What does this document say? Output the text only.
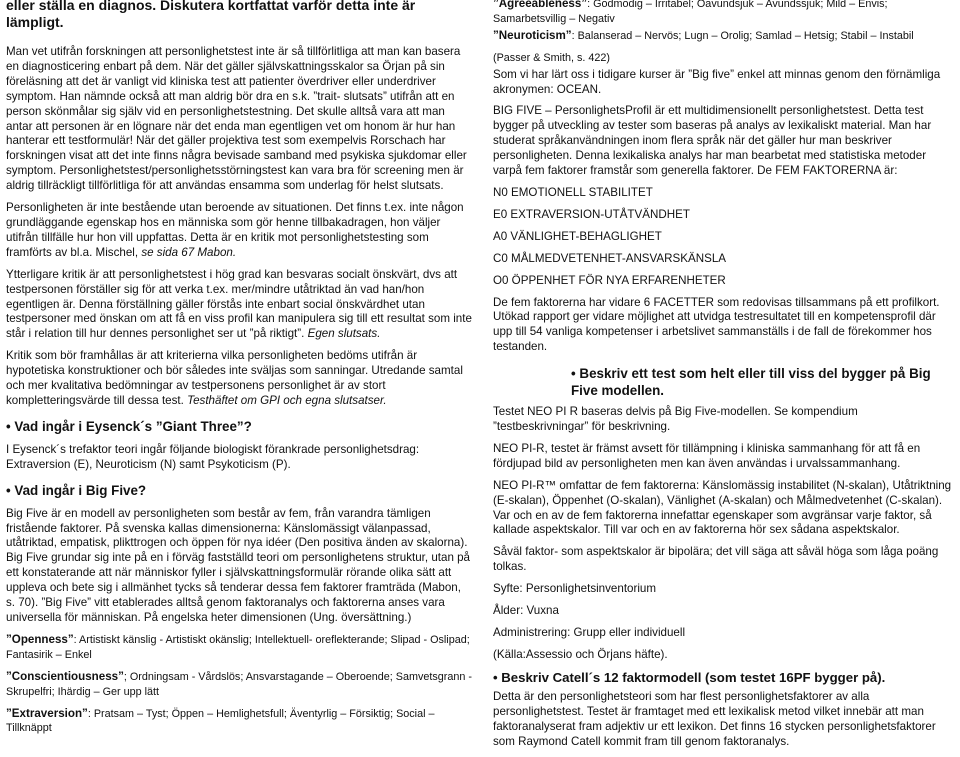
eller ställa en diagnos. Diskutera kortfattat varför detta inte är lämpligt.
Man vet utifrån forskningen att personlighetstest inte är så tillförlitliga att man kan basera en diagnosticering enbart på dem. När det gäller självskattningsskalor sa Örjan på sin föreläsning att det är vanligt vid kliniska test att patienter överdriver eller underdriver symptom. Han nämnde också att man aldrig bör dra en s.k. ”trait- slutsats” utifrån att en person skönmålar sig själv vid en personlighetstestning. Det skulle alltså vara att man antar att personen är en lögnare när det enda man egentligen vet om honom är hur han hanterar ett testformulär! När det gäller projektiva test som exempelvis Rorschach har forskningen visat att det inte finns några bevisade samband med psykiska sjukdomar eller symptom. Personlighetstest/personlighetsstörningstest kan vara bra för screening men är aldrig tillräckligt tillförlitliga för att användas ensamma som underlag för helst slutsats.
Personligheten är inte bestående utan beroende av situationen. Det finns t.ex. inte någon grundläggande egenskap hos en människa som gör henne tillbakadragen, hon väljer utifrån tillfälle hur hon vill uppfattas. Detta är en kritik mot personlighetstesting som framförts av bl.a. Mischel, se sida 67 Mabon.
Ytterligare kritik är att personlighetstest i hög grad kan besvaras socialt önskvärt, dvs att testpersonen förställer sig för att verka t.ex. mer/mindre utåtriktad än vad han/hon egentligen är. Denna förställning gäller förstås inte enbart social önskvärdhet utan testpersoner med önskan om att få en viss profil kan manipulera sig till ett resultat som inte står i relation till hur dennes personlighet ser ut ”på riktigt”. Egen slutsats.
Kritik som bör framhållas är att kriterierna vilka personligheten bedöms utifrån är hypotetiska konstruktioner och bör således inte sväljas som sanningar. Utredande samtal och mer kvalitativa bedömningar av testpersonens personlighet är av stort kompletteringsvärde till dessa test. Testhäftet om GPI och egna slutsatser.
• Vad ingår i Eysenck´s ”Giant Three”?
I Eysenck´s trefaktor teori ingår följande biologiskt förankrade personlighetsdrag: Extraversion (E), Neuroticism (N) samt Psykoticism (P).
• Vad ingår i Big Five?
Big Five är en modell av personligheten som består av fem, från varandra tämligen fristående faktorer. På svenska kallas dimensionerna: Känslomässigt välanpassad, utåtriktad, empatisk, plikttrogen och öppen för nya idéer (Den positiva änden av skalorna). Big Five grundar sig inte på en i förväg fastställd teori om personlighetens struktur, utan på ett konstaterande att när människor fyller i självskattningsformulär rörande olika sätt att uppleva och bete sig i allmänhet tycks så tenderar dessa fem faktorer framträda (Mabon, s. 70). ”Big Five” vitt etablerades alltså genom faktoranalys och faktorerna anses vara universella för människan. På engelska heter dimensionen (Ung. översättning.)
”Openness”: Artistiskt känslig - Artistiskt okänslig; Intellektuell- oreflekterande; Slipad - Oslipad; Fantasirik – Enkel
”Conscientiousness”; Ordningsam - Vårdslös; Ansvarstagande – Oberoende; Samvetsgrann - Skrupelfri; Ihärdig – Ger upp lätt
”Extraversion”: Pratsam – Tyst; Öppen – Hemlighetsfull; Äventyrlig – Försiktig; Social – Tillknäppt
”Agreeableness”: Godmodig – Irritabel; Oavundsjuk – Avundssjuk; Mild – Envis; Samarbetsvillig – Negativ
”Neuroticism”: Balanserad – Nervös; Lugn – Orolig; Samlad – Hetsig; Stabil – Instabil
(Passer & Smith, s. 422)
Som vi har lärt oss i tidigare kurser är ”Big five” enkel att minnas genom den förnämliga akronymen: OCEAN.
BIG FIVE – PersonlighetsProfil är ett multidimensionellt personlighetstest. Detta test bygger på utveckling av tester som baseras på analys av lexikaliskt material. Man har studerat språkanvändningen inom flera språk när det gäller hur man beskriver personligheten. Denna lexikaliska analys har man bearbetat med statistiska metoder varpå fem faktorer framstår som generella faktorer. De FEM FAKTORERNA är:
N0 EMOTIONELL STABILITET
E0 EXTRAVERSION-UTÅTVÄNDHET
A0 VÄNLIGHET-BEHAGLIGHET
C0 MÅLMEDVETENHET-ANSVARSKÄNSLA
O0 ÖPPENHET FÖR NYA ERFARENHETER
De fem faktorerna har vidare 6 FACETTER som redovisas tillsammans på ett profilkort. Utökad rapport ger vidare möjlighet att utvidga testresultatet till en kompetensprofil där upp till 54 vanliga kompetenser i arbetslivet sammanställs i de fall de förekommer hos testanden.
• Beskriv ett test som helt eller till viss del bygger på Big Five modellen.
Testet NEO PI R baseras delvis på Big Five-modellen. Se kompendium ”testbeskrivningar” för beskrivning.
NEO PI-R, testet är främst avsett för tillämpning i kliniska sammanhang för att få en fördjupad bild av personligheten men kan även användas i urvalssammanhang.
NEO PI-R™ omfattar de fem faktorerna: Känslomässig instabilitet (N-skalan), Utåtriktning (E-skalan), Öppenhet (O-skalan), Vänlighet (A-skalan) och Målmedvetenhet (C-skalan). Var och en av de fem faktorerna innefattar egenskaper som avgränsar varje faktor, så kallade aspektskalor. Till var och en av faktorerna hör sex sådana aspektskalor.
Såväl faktor- som aspektskalor är bipolära; det vill säga att såväl höga som låga poäng tolkas.
Syfte: Personlighetsinventorium
Ålder: Vuxna
Administrering: Grupp eller individuell
(Källa:Assessio och Örjans häfte).
• Beskriv Catell´s 12 faktormodell (som testet 16PF bygger på).
Detta är den personlighetsteori som har flest personlighetsfaktorer av alla personlighetstest. Testet är framtaget med ett lexikalisk metod vilket innebär att man faktoranalyserat fram adjektiv ur ett lexikon. Det finns 16 stycken personlighetsfaktorer som Raymond Catell kommit fram till genom faktoranalys.
